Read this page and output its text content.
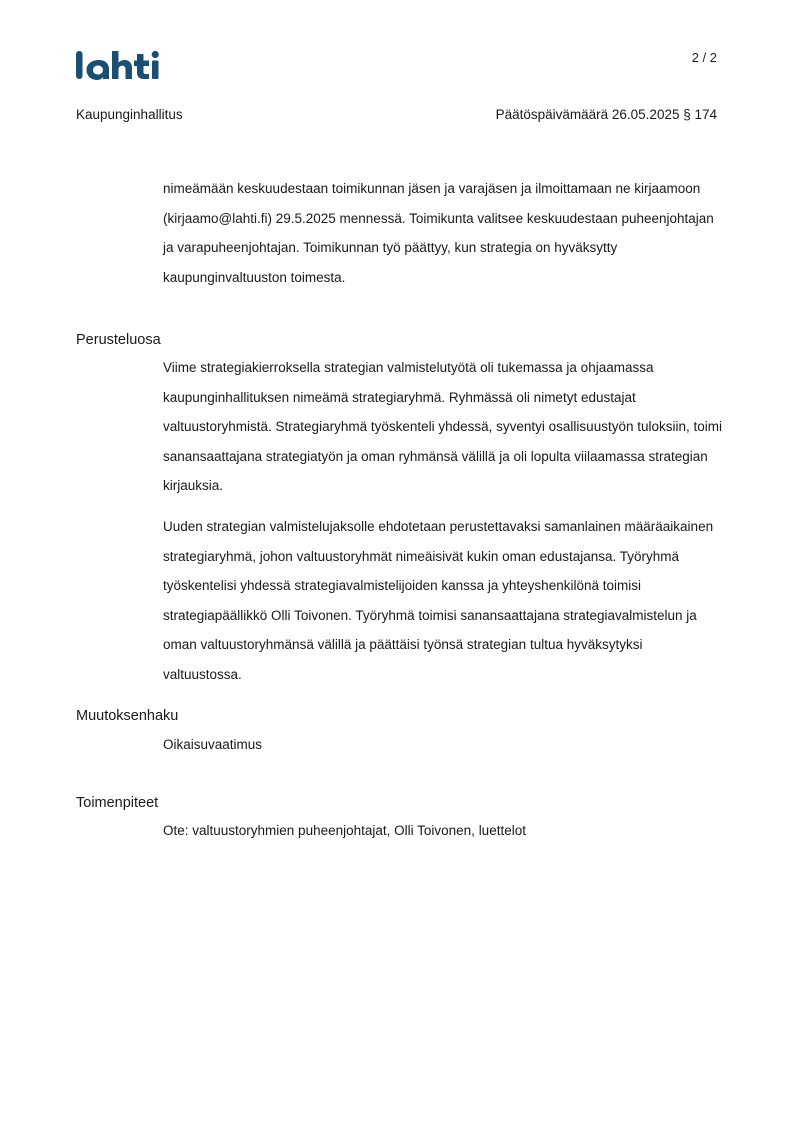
2 / 2
Kaupunginhallitus	Päätöspäivämäärä 26.05.2025 § 174

nimeämään keskuudestaan toimikunnan jäsen ja varajäsen ja ilmoittamaan ne kirjaamoon (kirjaamo@lahti.fi) 29.5.2025 mennessä. Toimikunta valitsee keskuudestaan puheenjohtajan ja varapuheenjohtajan. Toimikunnan työ päättyy, kun strategia on hyväksytty kaupunginvaltuuston toimesta.

Perusteluosa

Viime strategiakierroksella strategian valmistelutyötä oli tukemassa ja ohjaamassa kaupunginhallituksen nimeämä strategiaryhmä. Ryhmässä oli nimetyt edustajat valtuustoryhmistä. Strategiaryhmä työskenteli yhdessä, syventyi osallisuustyön tuloksiin, toimi sanansaattajana strategiatyön ja oman ryhmänsä välillä ja oli lopulta viilaamassa strategian kirjauksia.

Uuden strategian valmistelujaksolle ehdotetaan perustettavaksi samanlainen määräaikainen strategiaryhmä, johon valtuustoryhmät nimeäisivät kukin oman edustajansa. Työryhmä työskentelisi yhdessä strategiavalmistelijoiden kanssa ja yhteyshenkilönä toimisi strategiapäällikkö Olli Toivonen. Työryhmä toimisi sanansaattajana strategiavalmistelun ja oman valtuustoryhmänsä välillä ja päättäisi työnsä strategian tultua hyväksytyksi valtuustossa.

Muutoksenhaku

Oikaisuvaatimus

Toimenpiteet

Ote: valtuustoryhmien puheenjohtajat, Olli Toivonen, luettelot
